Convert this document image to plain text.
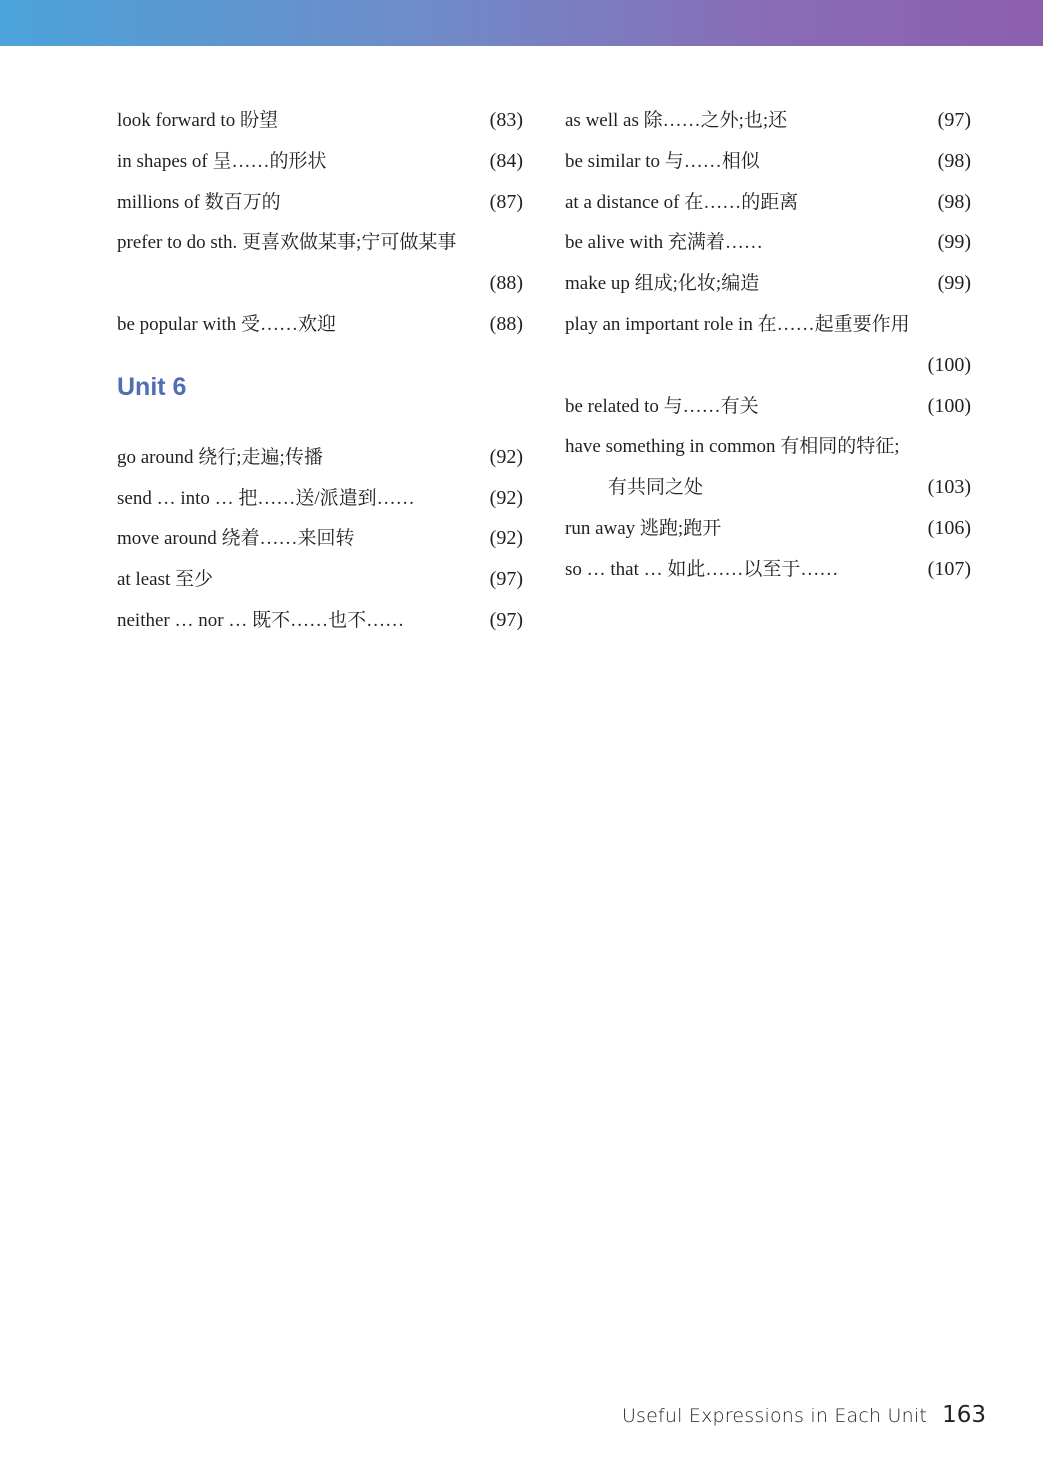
look forward to 盼望	(83)
in shapes of 呈……的形状	(84)
millions of 数百万的	(87)
prefer to do sth. 更喜欢做某事;宁可做某事
(88)
be popular with 受……欢迎	(88)
Unit 6
go around 绕行;走遍;传播	(92)
send … into … 把……送/派遣到……	(92)
move around 绕着……来回转	(92)
at least 至少	(97)
neither … nor … 既不……也不……	(97)
as well as 除……之外;也;还	(97)
be similar to 与……相似	(98)
at a distance of 在……的距离	(98)
be alive with 充满着……	(99)
make up 组成;化妆;编造	(99)
play an important role in 在……起重要作用
(100)
be related to 与……有关	(100)
have something in common 有相同的特征;
有共同之处	(103)
run away 逃跑;跑开	(106)
so … that … 如此……以至于……	(107)
Useful Expressions in Each Unit 163
